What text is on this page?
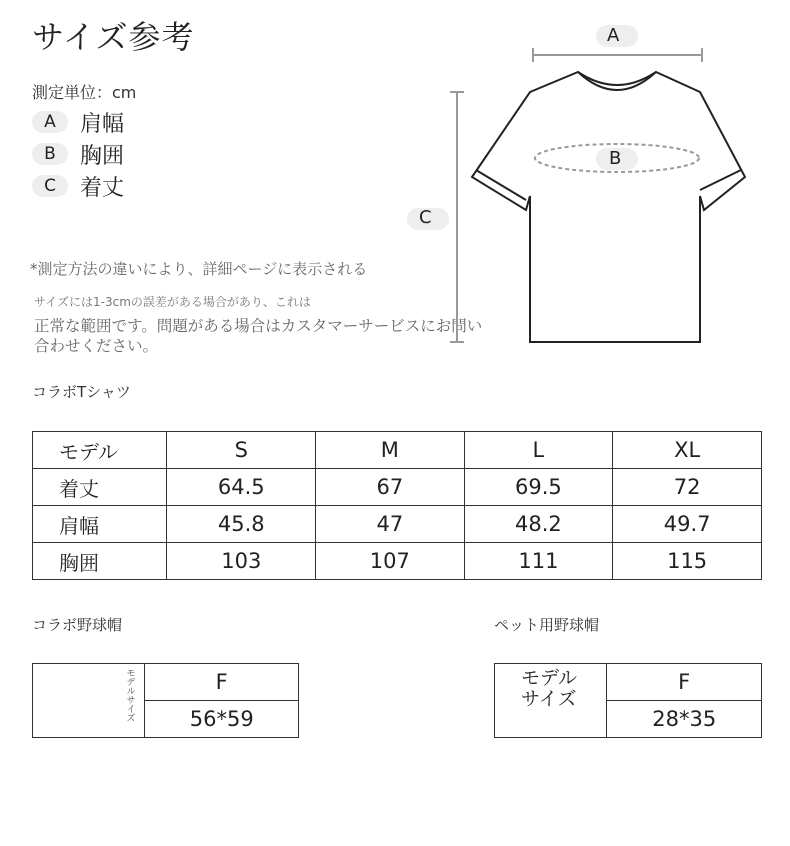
サイズ参考
測定単位：cm
A	肩幅
B	胸囲
C	着丈
*測定方法の違いにより、詳細ページに表示される
サイズには1-3cmの誤差がある場合があり、これは
正常な範囲です。問題がある場合はカスタマーサービスにお問い合わせください。
A
B
C
コラボTシャツ
モデル	S	M	L	XL
着丈	64.5	67	69.5	72
肩幅	45.8	47	48.2	49.7
胸囲	103	107	111	115
コラボ野球帽
モデルサイズ	F
56*59
ペット用野球帽
モデルサイズ
	F
28*35
